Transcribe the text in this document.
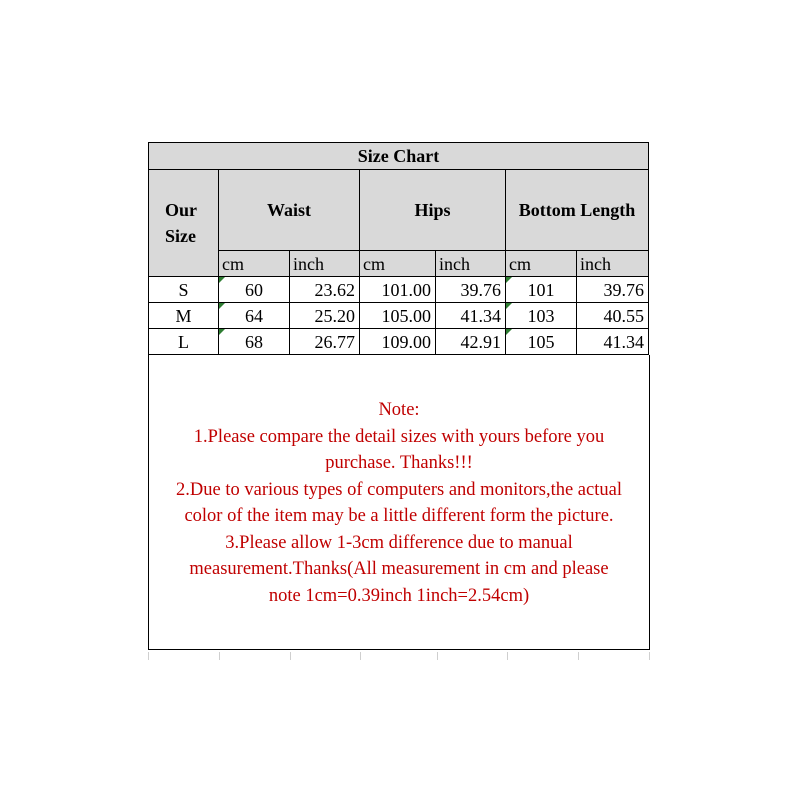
Size Chart						
Our
Size	Waist		Hips		Bottom Length	
	cm	inch	cm	inch	cm	inch
S	60	23.62	101.00	39.76	101	39.76
M	64	25.20	105.00	41.34	103	40.55
L	68	26.77	109.00	42.91	105	41.34
Note:
1.Please compare the detail sizes with yours before you
purchase. Thanks!!!
2.Due to various types of computers and monitors,the actual
color of the item may be a little different form the picture.
3.Please allow 1-3cm difference due to manual
measurement.Thanks(All measurement in cm and please
note 1cm=0.39inch 1inch=2.54cm)
